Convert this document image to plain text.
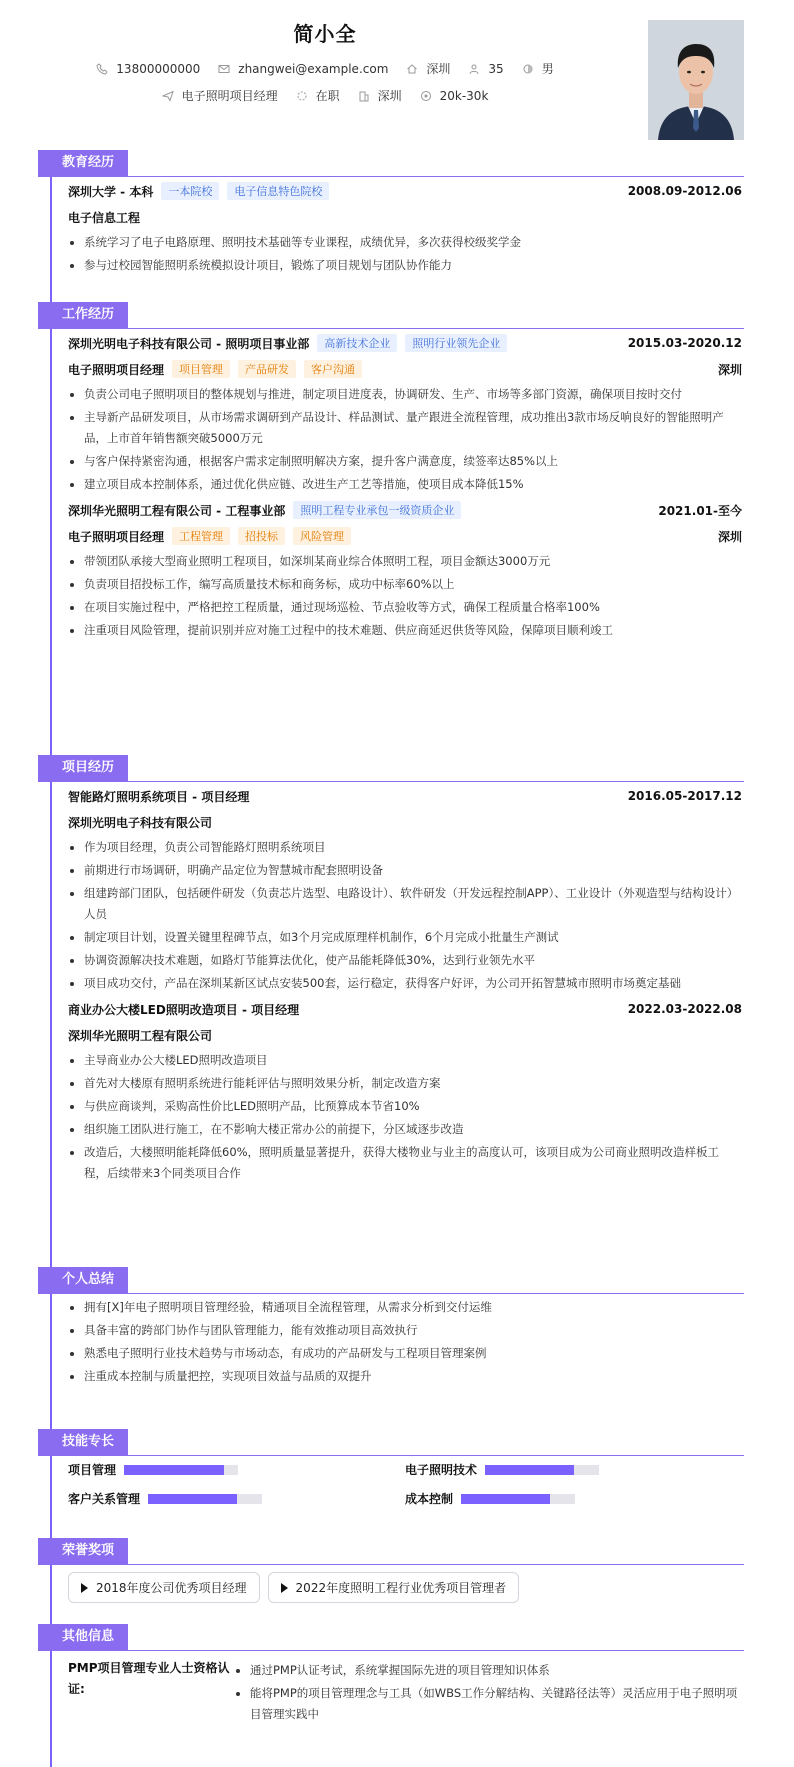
简小全
13800000000	zhangwei@example.com	深圳	35	男
电子照明项目经理	在职	深圳	20k-30k
教育经历
深圳大学 - 本科	一本院校	电子信息特色院校	2008.09-2012.06
电子信息工程
系统学习了电子电路原理、照明技术基础等专业课程，成绩优异，多次获得校级奖学金
参与过校园智能照明系统模拟设计项目，锻炼了项目规划与团队协作能力
工作经历
深圳光明电子科技有限公司 - 照明项目事业部	高新技术企业	照明行业领先企业	2015.03-2020.12
电子照明项目经理	项目管理	产品研发	客户沟通	深圳
负责公司电子照明项目的整体规划与推进，制定项目进度表，协调研发、生产、市场等多部门资源，确保项目按时交付
主导新产品研发项目，从市场需求调研到产品设计、样品测试、量产跟进全流程管理，成功推出3款市场反响良好的智能照明产品，上市首年销售额突破5000万元
与客户保持紧密沟通，根据客户需求定制照明解决方案，提升客户满意度，续签率达85%以上
建立项目成本控制体系，通过优化供应链、改进生产工艺等措施，使项目成本降低15%
深圳华光照明工程有限公司 - 工程事业部	照明工程专业承包一级资质企业	2021.01-至今
电子照明项目经理	工程管理	招投标	风险管理	深圳
带领团队承接大型商业照明工程项目，如深圳某商业综合体照明工程，项目金额达3000万元
负责项目招投标工作，编写高质量技术标和商务标，成功中标率60%以上
在项目实施过程中，严格把控工程质量，通过现场巡检、节点验收等方式，确保工程质量合格率100%
注重项目风险管理，提前识别并应对施工过程中的技术难题、供应商延迟供货等风险，保障项目顺利竣工
项目经历
智能路灯照明系统项目 - 项目经理	2016.05-2017.12
深圳光明电子科技有限公司
作为项目经理，负责公司智能路灯照明系统项目
前期进行市场调研，明确产品定位为智慧城市配套照明设备
组建跨部门团队，包括硬件研发（负责芯片选型、电路设计）、软件研发（开发远程控制APP）、工业设计（外观造型与结构设计）人员
制定项目计划，设置关键里程碑节点，如3个月完成原理样机制作，6个月完成小批量生产测试
协调资源解决技术难题，如路灯节能算法优化，使产品能耗降低30%，达到行业领先水平
项目成功交付，产品在深圳某新区试点安装500套，运行稳定，获得客户好评，为公司开拓智慧城市照明市场奠定基础
商业办公大楼LED照明改造项目 - 项目经理	2022.03-2022.08
深圳华光照明工程有限公司
主导商业办公大楼LED照明改造项目
首先对大楼原有照明系统进行能耗评估与照明效果分析，制定改造方案
与供应商谈判，采购高性价比LED照明产品，比预算成本节省10%
组织施工团队进行施工，在不影响大楼正常办公的前提下，分区域逐步改造
改造后，大楼照明能耗降低60%，照明质量显著提升，获得大楼物业与业主的高度认可，该项目成为公司商业照明改造样板工程，后续带来3个同类项目合作
个人总结
拥有[X]年电子照明项目管理经验，精通项目全流程管理，从需求分析到交付运维
具备丰富的跨部门协作与团队管理能力，能有效推动项目高效执行
熟悉电子照明行业技术趋势与市场动态，有成功的产品研发与工程项目管理案例
注重成本控制与质量把控，实现项目效益与品质的双提升
技能专长
项目管理	电子照明技术
客户关系管理	成本控制
荣誉奖项
2018年度公司优秀项目经理	2022年度照明工程行业优秀项目管理者
其他信息
PMP项目管理专业人士资格认证:
通过PMP认证考试，系统掌握国际先进的项目管理知识体系
能将PMP的项目管理理念与工具（如WBS工作分解结构、关键路径法等）灵活应用于电子照明项目管理实践中
